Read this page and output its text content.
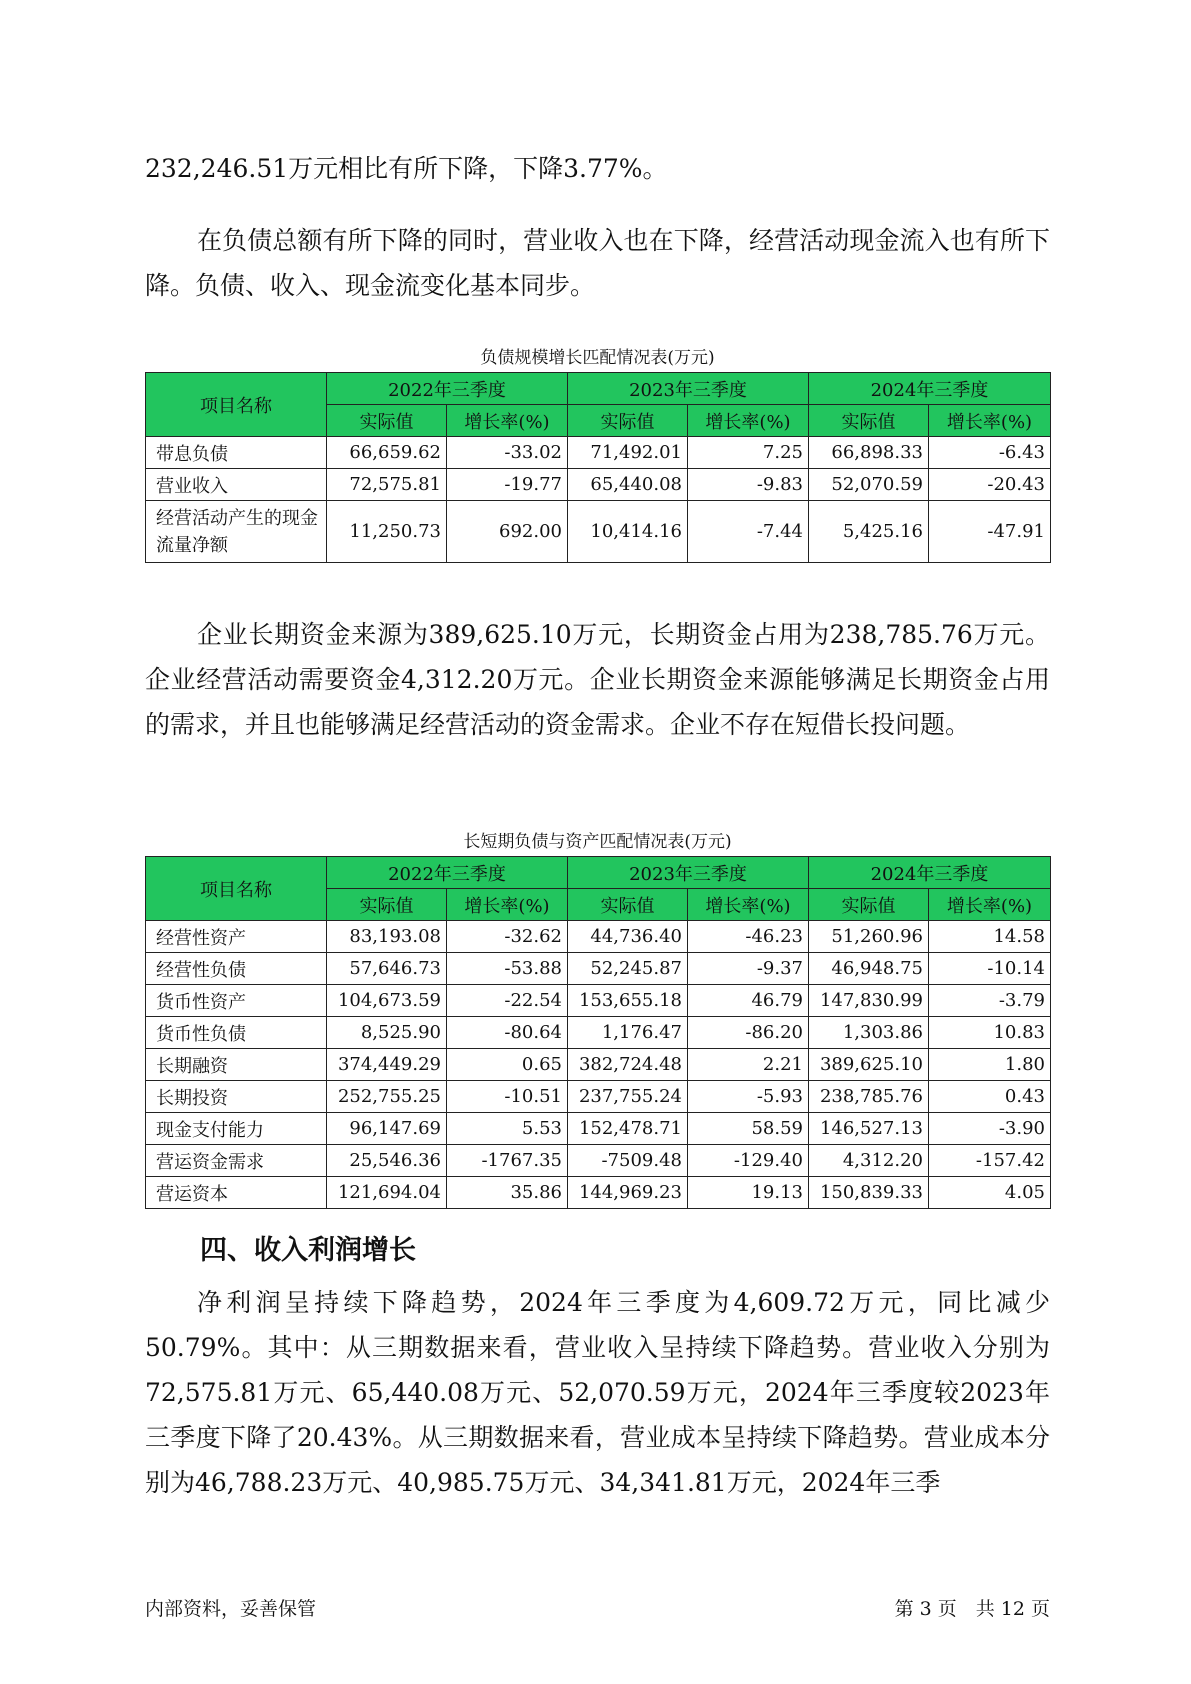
232,246.51万元相比有所下降，下降3.77%。

在负债总额有所下降的同时，营业收入也在下降，经营活动现金流入也有所下降。负债、收入、现金流变化基本同步。

负债规模增长匹配情况表(万元)
项目名称	2022年三季度		2023年三季度		2024年三季度	
	实际值	增长率(%)	实际值	增长率(%)	实际值	增长率(%)
带息负债	66,659.62	-33.02	71,492.01	7.25	66,898.33	-6.43
营业收入	72,575.81	-19.77	65,440.08	-9.83	52,070.59	-20.43
经营活动产生的现金流量净额	11,250.73	692.00	10,414.16	-7.44	5,425.16	-47.91

企业长期资金来源为389,625.10万元，长期资金占用为238,785.76万元。企业经营活动需要资金4,312.20万元。企业长期资金来源能够满足长期资金占用的需求，并且也能够满足经营活动的资金需求。企业不存在短借长投问题。

长短期负债与资产匹配情况表(万元)
项目名称	2022年三季度		2023年三季度		2024年三季度	
	实际值	增长率(%)	实际值	增长率(%)	实际值	增长率(%)
经营性资产	83,193.08	-32.62	44,736.40	-46.23	51,260.96	14.58
经营性负债	57,646.73	-53.88	52,245.87	-9.37	46,948.75	-10.14
货币性资产	104,673.59	-22.54	153,655.18	46.79	147,830.99	-3.79
货币性负债	8,525.90	-80.64	1,176.47	-86.20	1,303.86	10.83
长期融资	374,449.29	0.65	382,724.48	2.21	389,625.10	1.80
长期投资	252,755.25	-10.51	237,755.24	-5.93	238,785.76	0.43
现金支付能力	96,147.69	5.53	152,478.71	58.59	146,527.13	-3.90
营运资金需求	25,546.36	-1767.35	-7509.48	-129.40	4,312.20	-157.42
营运资本	121,694.04	35.86	144,969.23	19.13	150,839.33	4.05
四、收入利润增长

净利润呈持续下降趋势，2024年三季度为4,609.72万元，同比减少50.79%。其中：从三期数据来看，营业收入呈持续下降趋势。营业收入分别为72,575.81万元、65,440.08万元、52,070.59万元，2024年三季度较2023年三季度下降了20.43%。从三期数据来看，营业成本呈持续下降趋势。营业成本分别为46,788.23万元、40,985.75万元、34,341.81万元，2024年三季

内部资料，妥善保管	第 3 页　共 12 页
